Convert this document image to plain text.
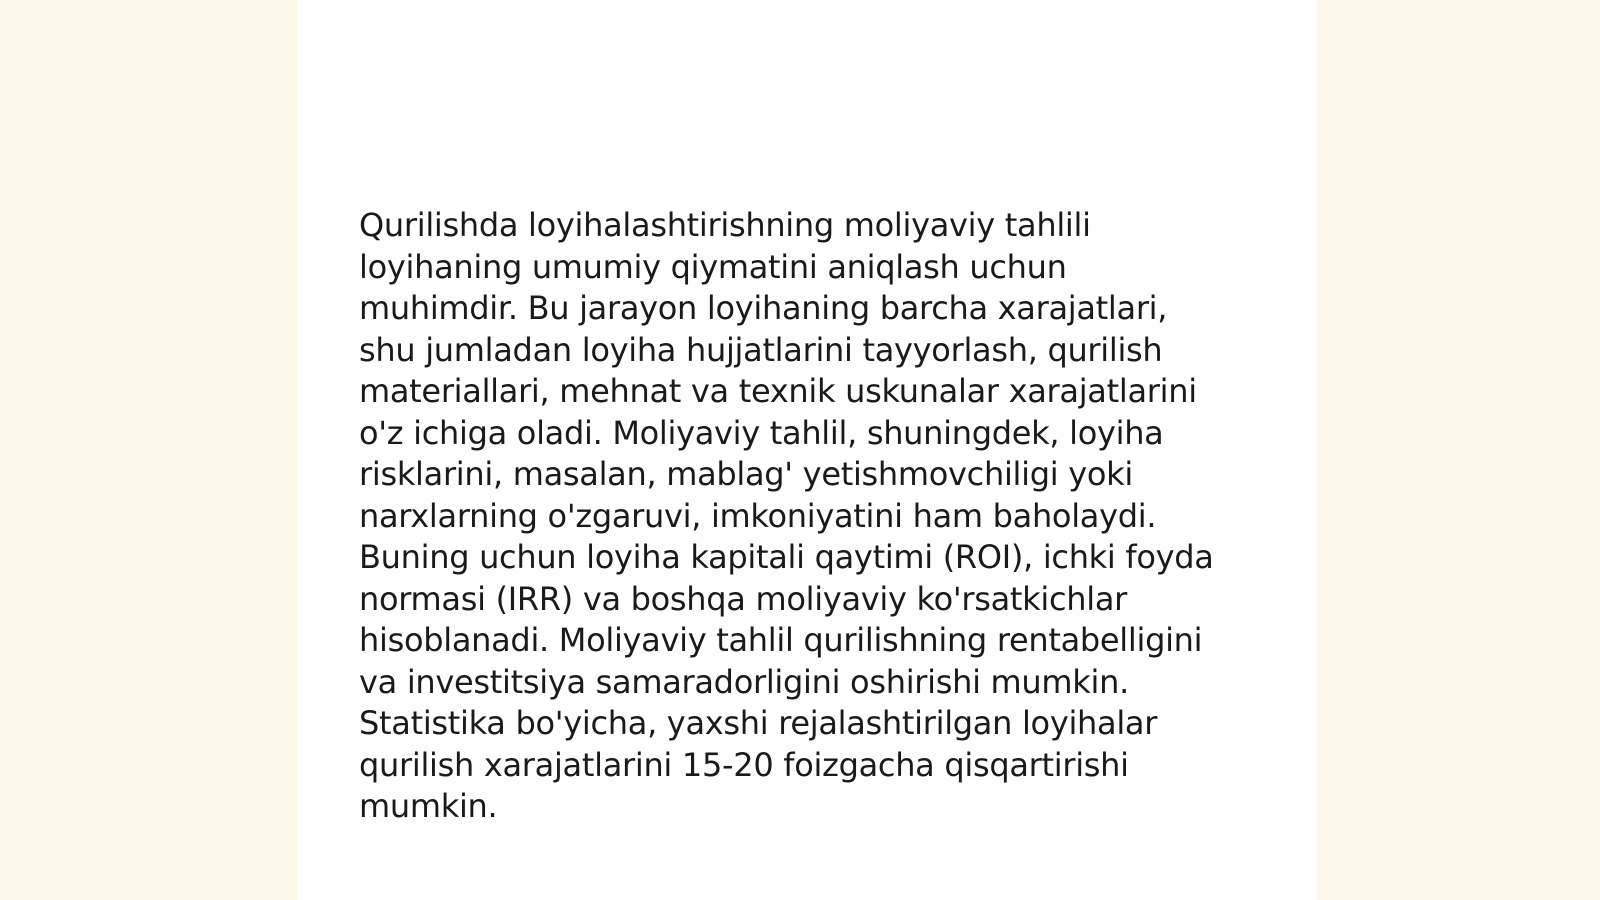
Qurilishda loyihalashtirishning moliyaviy tahlili
loyihaning umumiy qiymatini aniqlash uchun
muhimdir. Bu jarayon loyihaning barcha xarajatlari,
shu jumladan loyiha hujjatlarini tayyorlash, qurilish
materiallari, mehnat va texnik uskunalar xarajatlarini
o'z ichiga oladi. Moliyaviy tahlil, shuningdek, loyiha
risklarini, masalan, mablag' yetishmovchiligi yoki
narxlarning o'zgaruvi, imkoniyatini ham baholaydi.
Buning uchun loyiha kapitali qaytimi (ROI), ichki foyda
normasi (IRR) va boshqa moliyaviy ko'rsatkichlar
hisoblanadi. Moliyaviy tahlil qurilishning rentabelligini
va investitsiya samaradorligini oshirishi mumkin.
Statistika bo'yicha, yaxshi rejalashtirilgan loyihalar
qurilish xarajatlarini 15-20 foizgacha qisqartirishi
mumkin.
